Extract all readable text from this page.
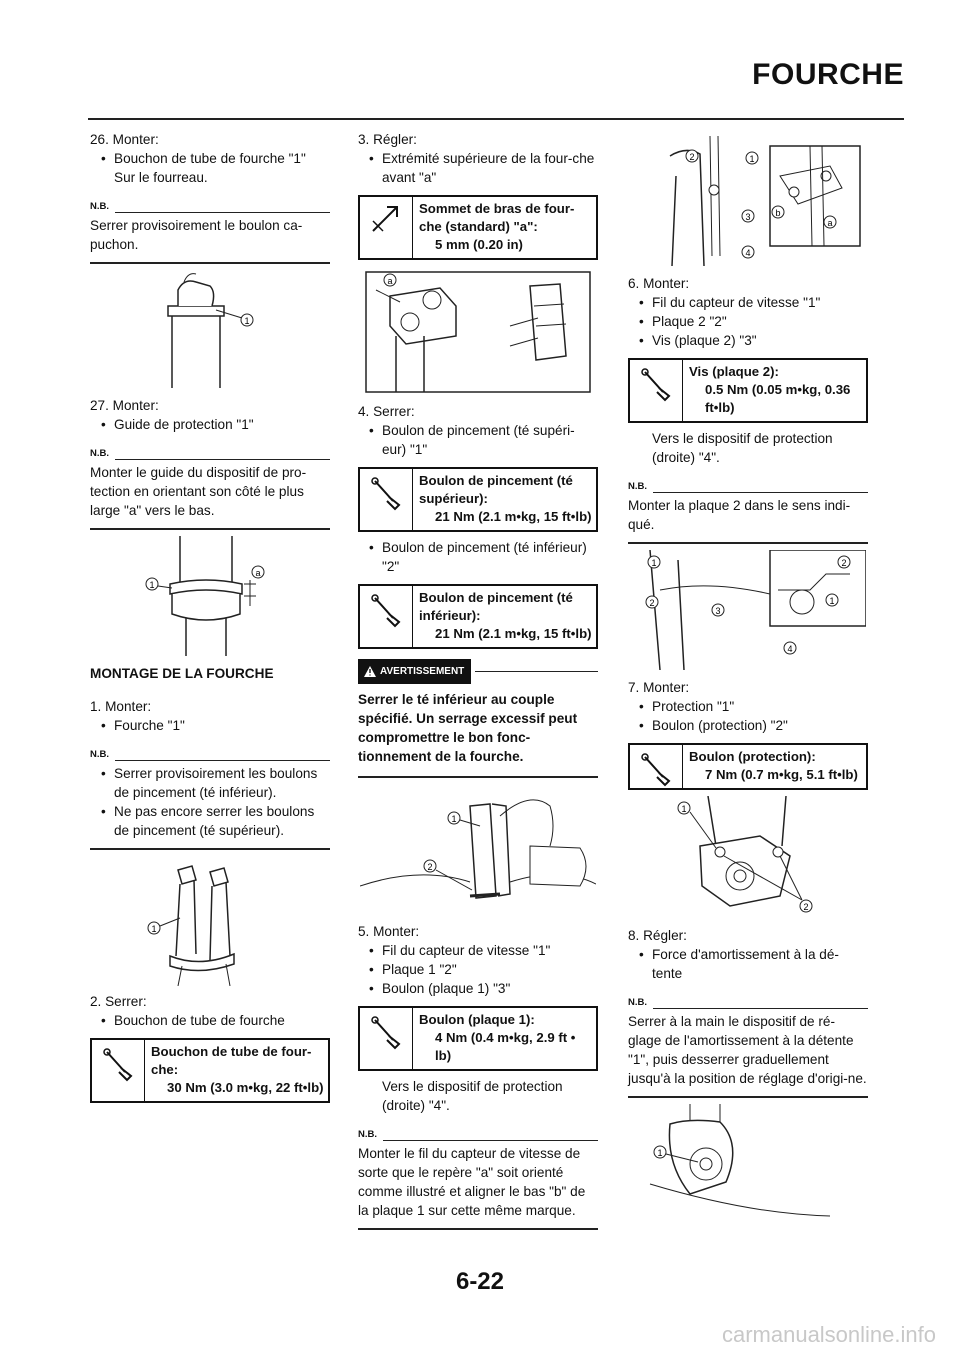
FOURCHE

26. Monter:

• Bouchon de tube de fourche "1"

Sur le fourreau.

N.B.
Serrer provisoirement le boulon ca-puchon.
1

27. Monter:

• Guide de protection "1"

N.B.
Monter le guide du dispositif de pro-tection en orientant son côté le plus large "a" vers le bas.
a
1

MONTAGE DE LA FOURCHE

1. Monter:

• Fourche "1"

N.B.
• Serrer provisoirement les boulons de pincement (té inférieur).
• Ne pas encore serrer les boulons de pincement (té supérieur).
1

2. Serrer:

• Bouchon de tube de fourche

Bouchon de tube de four-che:
30 Nm (3.0 m•kg, 22 ft•lb)

3. Régler:

• Extrémité supérieure de la four-che avant "a"

Sommet de bras de four-che (standard) "a":
5 mm (0.20 in)
a

4. Serrer:

• Boulon de pincement (té supéri-eur) "1"

Boulon de pincement (té supérieur):
21 Nm (2.1 m•kg, 15 ft•lb)

• Boulon de pincement (té inférieur) "2"

Boulon de pincement (té inférieur):
21 Nm (2.1 m•kg, 15 ft•lb)
AVERTISSEMENT
Serrer le té inférieur au couple spécifié. Un serrage excessif peut compromettre le bon fonc-tionnement de la fourche.
1
2

5. Monter:

• Fil du capteur de vitesse "1"

• Plaque 1 "2"

• Boulon (plaque 1) "3"

Boulon (plaque 1):
4 Nm (0.4 m•kg, 2.9 ft • lb)

Vers le dispositif de protection (droite) "4".

N.B.
Monter le fil du capteur de vitesse de sorte que le repère "a" soit orienté comme illustré et aligner le bas "b" de la plaque 1 sur cette même marque.
2	1
3
4
b
a

6. Monter:

• Fil du capteur de vitesse "1"

• Plaque 2 "2"

• Vis (plaque 2) "3"

Vis (plaque 2):
0.5 Nm (0.05 m•kg, 0.36 ft•lb)

Vers le dispositif de protection (droite) "4".

N.B.
Monter la plaque 2 dans le sens indi-qué.
1
2
3
4
2
1

7. Monter:

• Protection "1"

• Boulon (protection) "2"

Boulon (protection):
7 Nm (0.7 m•kg, 5.1 ft•lb)
1
2

8. Régler:

• Force d'amortissement à la dé-tente

N.B.
Serrer à la main le dispositif de ré-glage de l'amortissement à la détente "1", puis desserrer graduellement jusqu'à la position de réglage d'origi-ne.
1
6-22
carmanualsonline.info
